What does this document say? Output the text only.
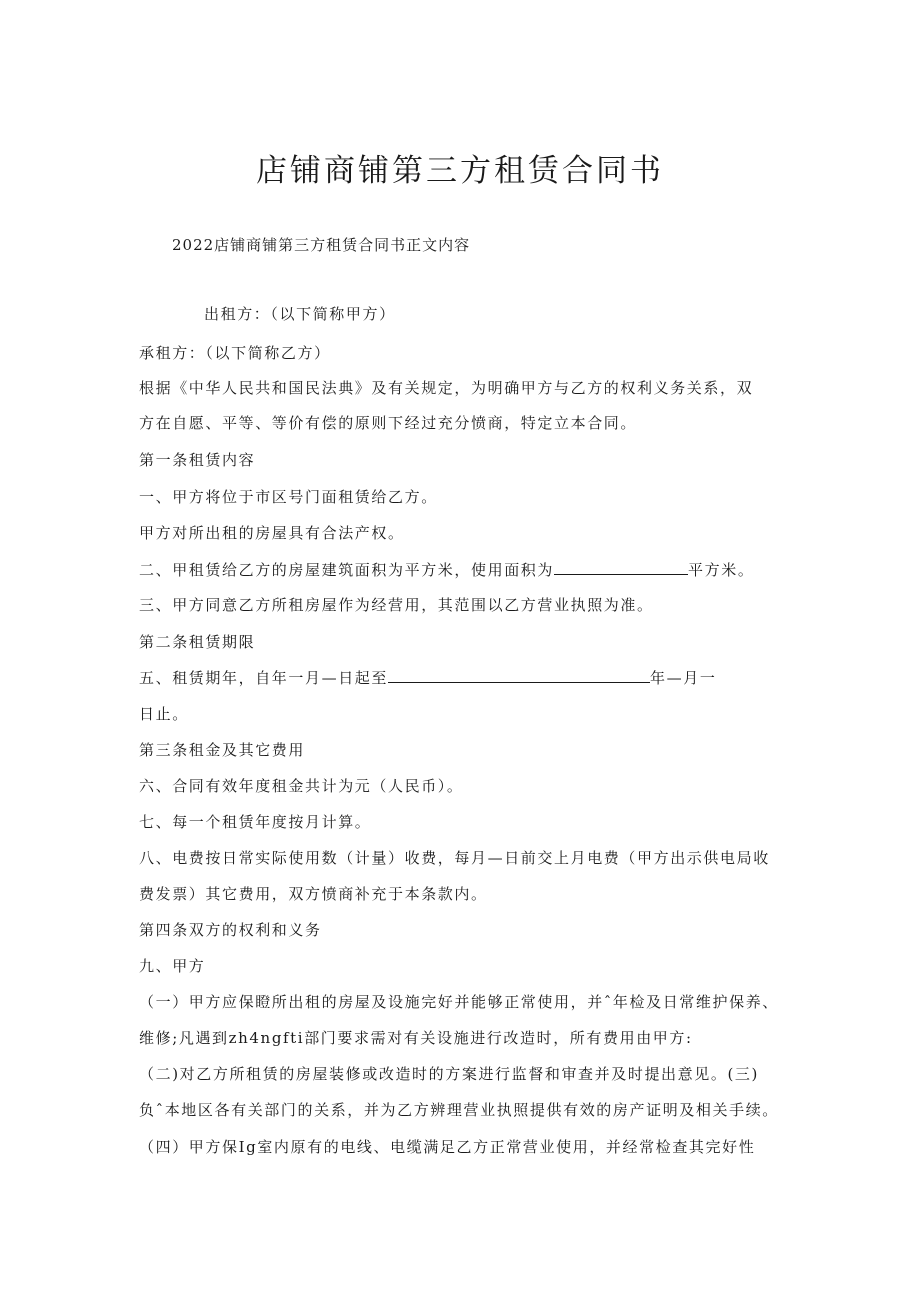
店铺商铺第三方租赁合同书
2022店铺商铺第三方租赁合同书正文内容
出租方：（以下简称甲方）
承租方：（以下简称乙方）
根据《中华人民共和国民法典》及有关规定，为明确甲方与乙方的权利义务关系，双
方在自愿、平等、等价有偿的原则下经过充分愤商，特定立本合同。
第一条租赁内容
一、甲方将位于市区号门面租赁给乙方。
甲方对所出租的房屋具有合法产权。
二、甲租赁给乙方的房屋建筑面积为平方米，使用面积为	平方米。
三、甲方同意乙方所租房屋作为经营用，其范围以乙方营业执照为准。
第二条租赁期限
五、租赁期年，自年一月—日起至	年—月一
日止。
第三条租金及其它费用
六、合同有效年度租金共计为元（人民币）。
七、每一个租赁年度按月计算。
八、电费按日常实际使用数（计量）收费，每月—日前交上月电费（甲方出示供电局收
费发票）其它费用，双方愤商补充于本条款内。
第四条双方的权利和义务
九、甲方
（一）甲方应保瞪所出租的房屋及设施完好并能够正常使用，并ˆ年检及日常维护保养、
维修;凡遇到zh4ngfti部门要求需对有关设施进行改造时，所有费用由甲方:
（二)对乙方所租赁的房屋装修或改造时的方案进行监督和审查并及时提出意见。(三)
负ˆ本地区各有关部门的关系，并为乙方辨理营业执照提供有效的房产证明及相关手续。
（四）甲方保Ig室内原有的电线、电缆满足乙方正常营业使用，并经常检查其完好性
